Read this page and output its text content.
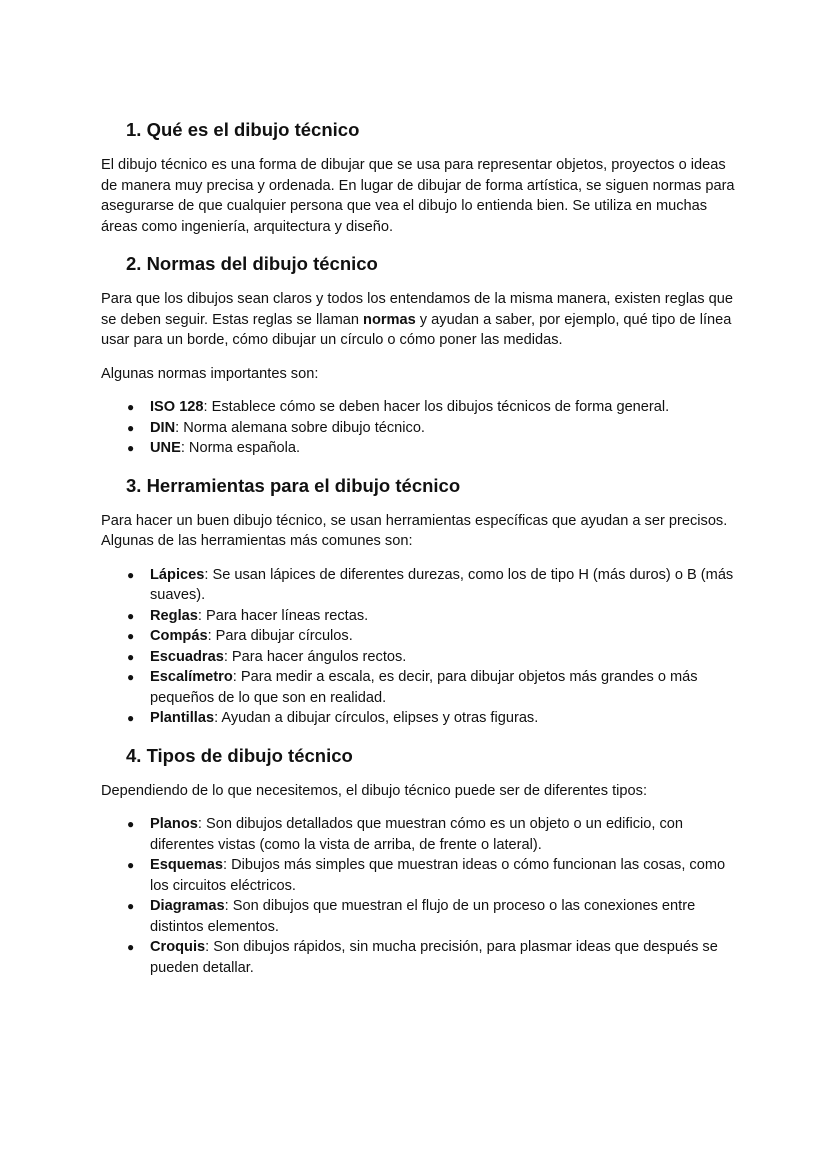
1. Qué es el dibujo técnico

El dibujo técnico es una forma de dibujar que se usa para representar objetos, proyectos o ideas de manera muy precisa y ordenada. En lugar de dibujar de forma artística, se siguen normas para asegurarse de que cualquier persona que vea el dibujo lo entienda bien. Se utiliza en muchas áreas como ingeniería, arquitectura y diseño.

2. Normas del dibujo técnico

Para que los dibujos sean claros y todos los entendamos de la misma manera, existen reglas que se deben seguir. Estas reglas se llaman normas y ayudan a saber, por ejemplo, qué tipo de línea usar para un borde, cómo dibujar un círculo o cómo poner las medidas.

Algunas normas importantes son:

● ISO 128: Establece cómo se deben hacer los dibujos técnicos de forma general.
● DIN: Norma alemana sobre dibujo técnico.
● UNE: Norma española.
3. Herramientas para el dibujo técnico

Para hacer un buen dibujo técnico, se usan herramientas específicas que ayudan a ser precisos. Algunas de las herramientas más comunes son:

● Lápices: Se usan lápices de diferentes durezas, como los de tipo H (más duros) o B (más suaves).
● Reglas: Para hacer líneas rectas.
● Compás: Para dibujar círculos.
● Escuadras: Para hacer ángulos rectos.
● Escalímetro: Para medir a escala, es decir, para dibujar objetos más grandes o más pequeños de lo que son en realidad.
● Plantillas: Ayudan a dibujar círculos, elipses y otras figuras.
4. Tipos de dibujo técnico

Dependiendo de lo que necesitemos, el dibujo técnico puede ser de diferentes tipos:

● Planos: Son dibujos detallados que muestran cómo es un objeto o un edificio, con diferentes vistas (como la vista de arriba, de frente o lateral).
● Esquemas: Dibujos más simples que muestran ideas o cómo funcionan las cosas, como los circuitos eléctricos.
● Diagramas: Son dibujos que muestran el flujo de un proceso o las conexiones entre distintos elementos.
● Croquis: Son dibujos rápidos, sin mucha precisión, para plasmar ideas que después se pueden detallar.
